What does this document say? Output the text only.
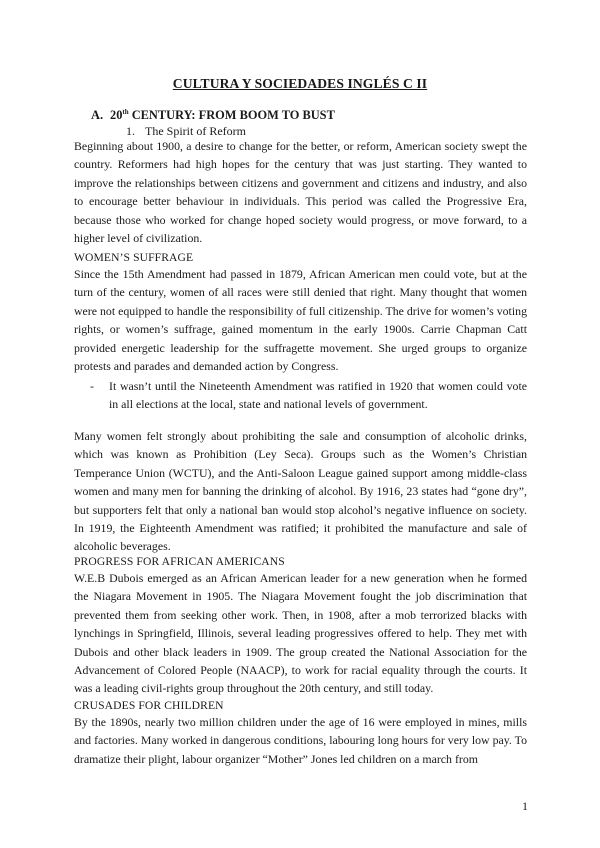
CULTURA Y SOCIEDADES INGLÉS C II
A. 20th CENTURY: FROM BOOM TO BUST
1. The Spirit of Reform

Beginning about 1900, a desire to change for the better, or reform, American society swept the country. Reformers had high hopes for the century that was just starting. They wanted to improve the relationships between citizens and government and citizens and industry, and also to encourage better behaviour in individuals. This period was called the Progressive Era, because those who worked for change hoped society would progress, or move forward, to a higher level of civilization.

WOMEN’S SUFFRAGE

Since the 15th Amendment had passed in 1879, African American men could vote, but at the turn of the century, women of all races were still denied that right. Many thought that women were not equipped to handle the responsibility of full citizenship. The drive for women’s voting rights, or women’s suffrage, gained momentum in the early 1900s. Carrie Chapman Catt provided energetic leadership for the suffragette movement. She urged groups to organize protests and parades and demanded action by Congress.

- It wasn’t until the Nineteenth Amendment was ratified in 1920 that women could vote in all elections at the local, state and national levels of government.

Many women felt strongly about prohibiting the sale and consumption of alcoholic drinks, which was known as Prohibition (Ley Seca). Groups such as the Women’s Christian Temperance Union (WCTU), and the Anti-Saloon League gained support among middle-class women and many men for banning the drinking of alcohol. By 1916, 23 states had “gone dry”, but supporters felt that only a national ban would stop alcohol’s negative influence on society. In 1919, the Eighteenth Amendment was ratified; it prohibited the manufacture and sale of alcoholic beverages.

PROGRESS FOR AFRICAN AMERICANS

W.E.B Dubois emerged as an African American leader for a new generation when he formed the Niagara Movement in 1905. The Niagara Movement fought the job discrimination that prevented them from seeking other work. Then, in 1908, after a mob terrorized blacks with lynchings in Springfield, Illinois, several leading progressives offered to help. They met with Dubois and other black leaders in 1909. The group created the National Association for the Advancement of Colored People (NAACP), to work for racial equality through the courts. It was a leading civil-rights group throughout the 20th century, and still today.

CRUSADES FOR CHILDREN

By the 1890s, nearly two million children under the age of 16 were employed in mines, mills and factories. Many worked in dangerous conditions, labouring long hours for very low pay. To dramatize their plight, labour organizer “Mother” Jones led children on a march from

1
